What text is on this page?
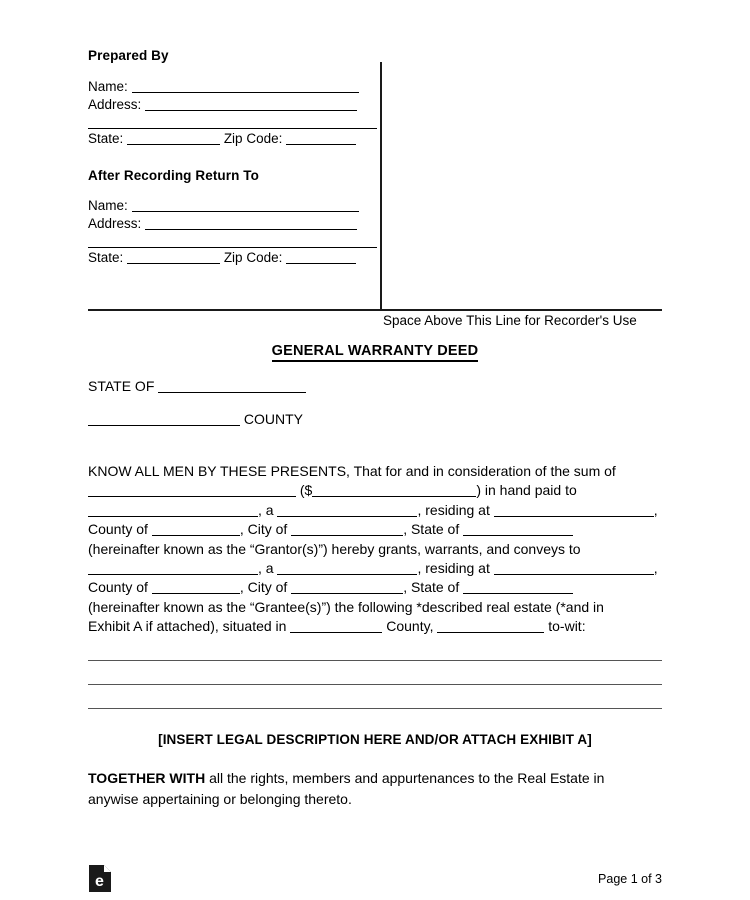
Prepared By
Name:
Address:
State:	Zip Code:
After Recording Return To
Name:
Address:
State:	Zip Code:
Space Above This Line for Recorder's Use
GENERAL WARRANTY DEED
STATE OF
COUNTY
KNOW ALL MEN BY THESE PRESENTS, That for and in consideration of the sum of
($	) in hand paid to
, a	, residing at	,
County of	, City of	, State of
(hereinafter known as the “Grantor(s)”) hereby grants, warrants, and conveys to
, a	, residing at	,
County of	, City of	, State of
(hereinafter known as the “Grantee(s)”) the following *described real estate (*and in
Exhibit A if attached), situated in	County,	to-wit:
[INSERT LEGAL DESCRIPTION HERE AND/OR ATTACH EXHIBIT A]
TOGETHER WITH all the rights, members and appurtenances to the Real Estate in anywise appertaining or belonging thereto.
e	Page 1 of 3
